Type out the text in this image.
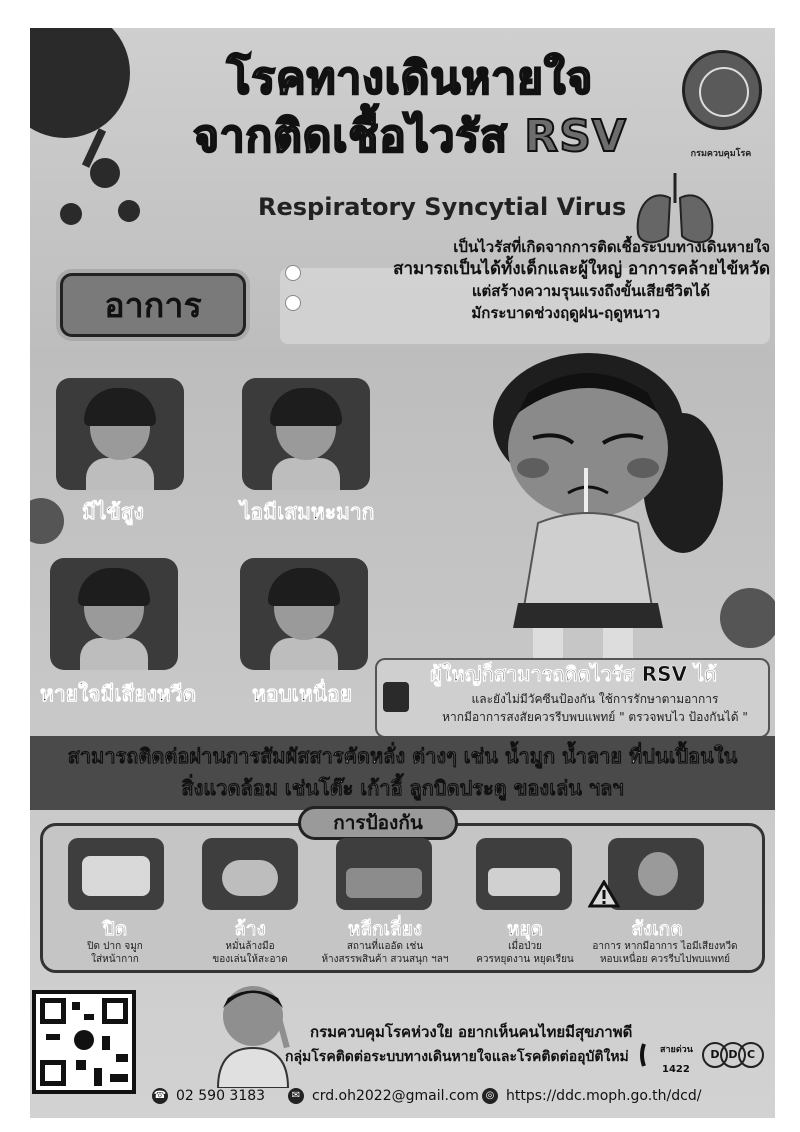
โรคทางเดินหายใจ
จากติดเชื้อไวรัส RSV
Respiratory Syncytial Virus
กรมควบคุมโรค
เป็นไวรัสที่เกิดจากการติดเชื้อระบบทางเดินหายใจ
สามารถเป็นได้ทั้งเด็กและผู้ใหญ่ อาการคล้ายไข้หวัด
แต่สร้างความรุนแรงถึงขั้นเสียชีวิตได้
มักระบาดช่วงฤดูฝน-ฤดูหนาว
อาการ
มีไข้สูง	ไอมีเสมหะมาก
หายใจมีเสียงหวีด	หอบเหนื่อย
ผู้ใหญ่ก็สามารถติดไวรัส RSV ได้
และยังไม่มีวัคซีนป้องกัน ใช้การรักษาตามอาการ
หากมีอาการสงสัยควรรีบพบแพทย์ " ตรวจพบไว ป้องกันได้ "
สามารถติดต่อผ่านการสัมผัสสารคัดหลั่ง ต่างๆ เช่น น้ำมูก น้ำลาย ที่ปนเปื้อนใน
สิ่งแวดล้อม เช่นโต๊ะ เก้าอี้ ลูกบิดประตู ของเล่น ฯลฯ
การป้องกัน
ปิด
ปิด ปาก จมูก
ใส่หน้ากาก
ล้าง
หมั่นล้างมือ
ของเล่นให้สะอาด
หลีกเลี่ยง
สถานที่แออัด เช่น
ห้างสรรพสินค้า สวนสนุก ฯลฯ
หยุด
เมื่อป่วย
ควรหยุดงาน หยุดเรียน
สังเกต
อาการ หากมีอาการ ไอมีเสียงหวีด
หอบเหนื่อย ควรรีบไปพบแพทย์
กรมควบคุมโรคห่วงใย อยากเห็นคนไทยมีสุขภาพดี
กลุ่มโรคติดต่อระบบทางเดินหายใจและโรคติดต่ออุบัติใหม่	สายด่วน
1422
D D C
☎ 02 590 3183	✉ crd.oh2022@gmail.com ◎ https://ddc.moph.go.th/dcd/
